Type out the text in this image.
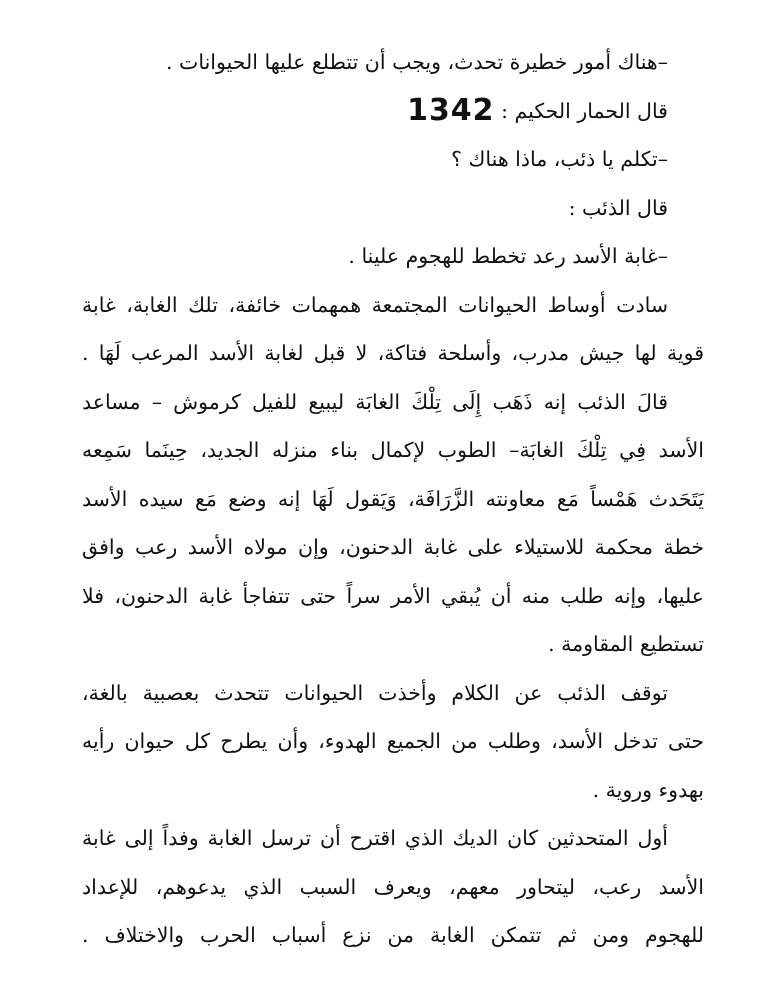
–هناك أمور خطيرة تحدث، ويجب أن تتطلع عليها الحيوانات .
قال الحمار الحكيم : 1342
–تكلم يا ذئب، ماذا هناك ؟
قال الذئب :
–غابة الأسد رعد تخطط للهجوم علينا .
سادت أوساط الحيوانات المجتمعة همهمات خائفة، تلك الغابة، غابة
قوية لها جيش مدرب، وأسلحة فتاكة، لا قبل لغابة الأسد المرعب لَهَا .
قالَ الذئب إنه ذَهَب إِلَى تِلْكَ الغابَة ليبيع للفيل كرموش – مساعد
الأسد فِي تِلْكَ الغابَة– الطوب لإكمال بناء منزله الجديد، حِينَما سَمِعه
يَتَحَدث هَمْساً مَع معاونته الزَّرَافَة، وَيَقول لَهَا إنه وضع مَع سيده الأسد
خطة محكمة للاستيلاء على غابة الدحنون، وإن مولاه الأسد رعب وافق
عليها، وإنه طلب منه أن يُبقي الأمر سراً حتى تتفاجأ غابة الدحنون، فلا
تستطيع المقاومة .
توقف الذئب عن الكلام وأخذت الحيوانات تتحدث بعصبية بالغة،
حتى تدخل الأسد، وطلب من الجميع الهدوء، وأن يطرح كل حيوان رأيه
بهدوء وروية .
أول المتحدثين كان الديك الذي اقترح أن ترسل الغابة وفداً إلى غابة
الأسد رعب، ليتحاور معهم، ويعرف السبب الذي يدعوهم، للإعداد
للهجوم ومن ثم تتمكن الغابة من نزع أسباب الحرب والاختلاف .
